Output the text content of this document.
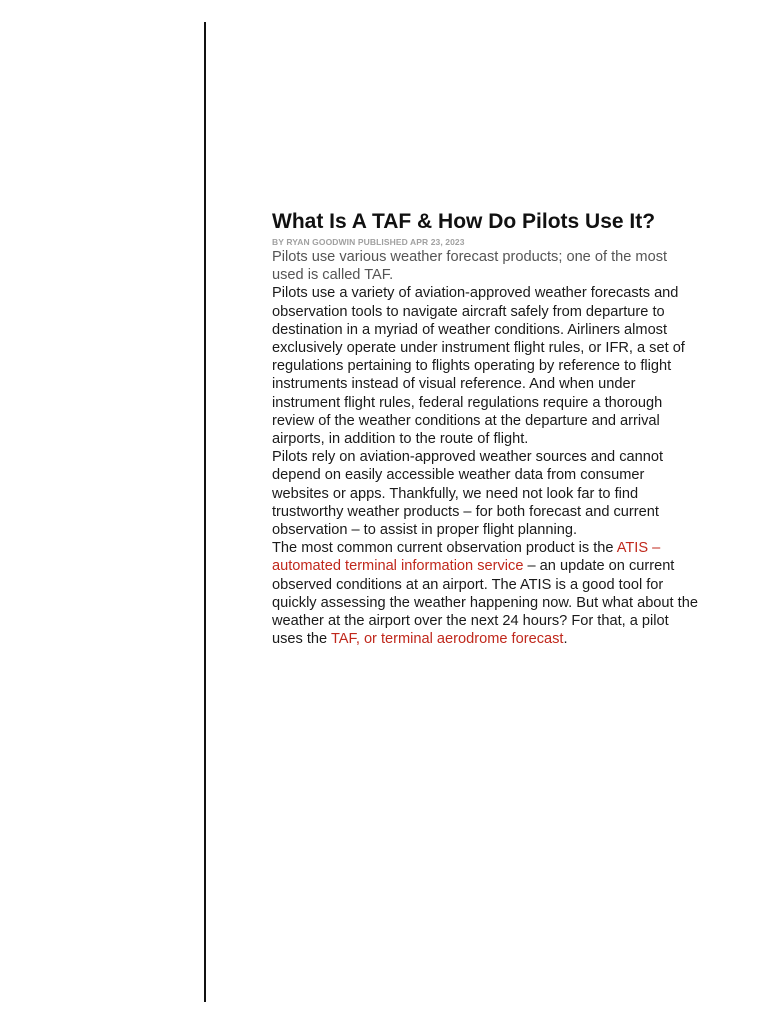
What Is A TAF & How Do Pilots Use It?

BY RYAN GOODWIN PUBLISHED APR 23, 2023

Pilots use various weather forecast products; one of the most used is called TAF.

Pilots use a variety of aviation-approved weather forecasts and observation tools to navigate aircraft safely from departure to destination in a myriad of weather conditions. Airliners almost exclusively operate under instrument flight rules, or IFR, a set of regulations pertaining to flights operating by reference to flight instruments instead of visual reference. And when under instrument flight rules, federal regulations require a thorough review of the weather conditions at the departure and arrival airports, in addition to the route of flight.

Pilots rely on aviation-approved weather sources and cannot depend on easily accessible weather data from consumer websites or apps. Thankfully, we need not look far to find trustworthy weather products – for both forecast and current observation – to assist in proper flight planning.

The most common current observation product is the ATIS – automated terminal information service – an update on current observed conditions at an airport. The ATIS is a good tool for quickly assessing the weather happening now. But what about the weather at the airport over the next 24 hours? For that, a pilot uses the TAF, or terminal aerodrome forecast.
